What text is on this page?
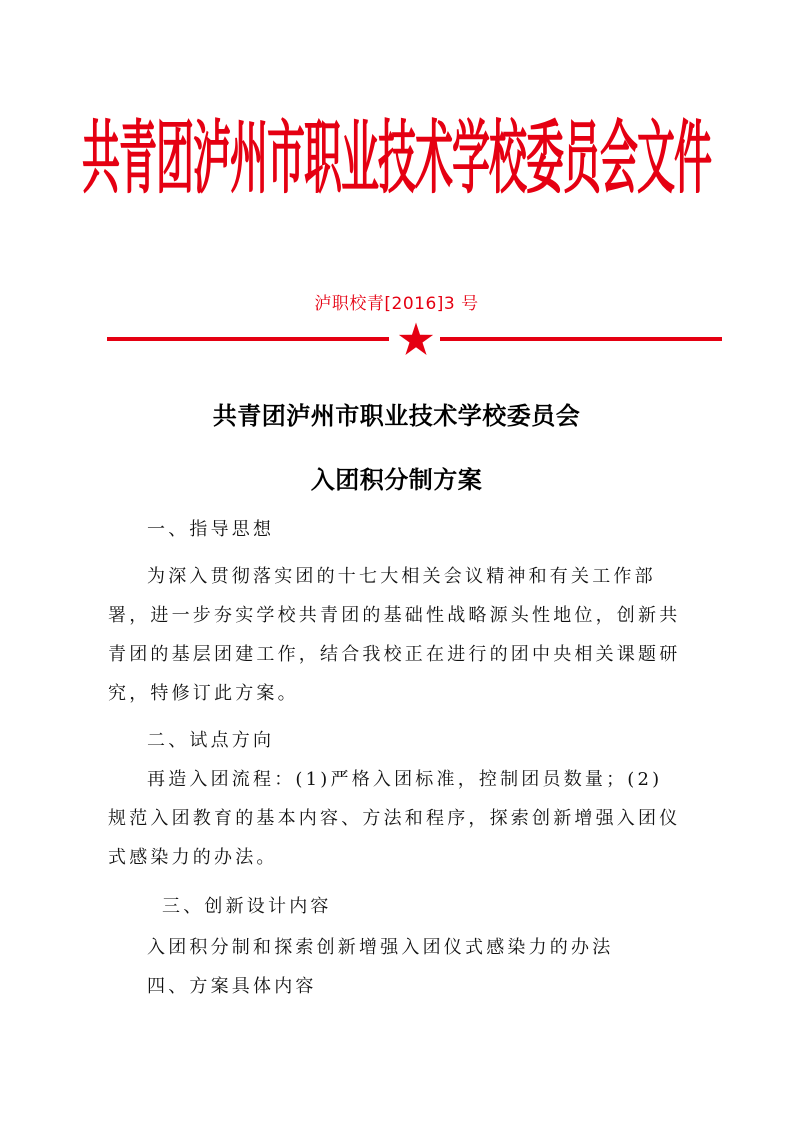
共青团泸州市职业技术学校委员会文件
泸职校青[2016]3 号
共青团泸州市职业技术学校委员会
入团积分制方案
一、指导思想
为深入贯彻落实团的十七大相关会议精神和有关工作部
署，进一步夯实学校共青团的基础性战略源头性地位，创新共
青团的基层团建工作，结合我校正在进行的团中央相关课题研
究，特修订此方案。
二、试点方向
再造入团流程：(1)严格入团标准，控制团员数量；(2)
规范入团教育的基本内容、方法和程序，探索创新增强入团仪
式感染力的办法。
三、创新设计内容
入团积分制和探索创新增强入团仪式感染力的办法
四、方案具体内容
